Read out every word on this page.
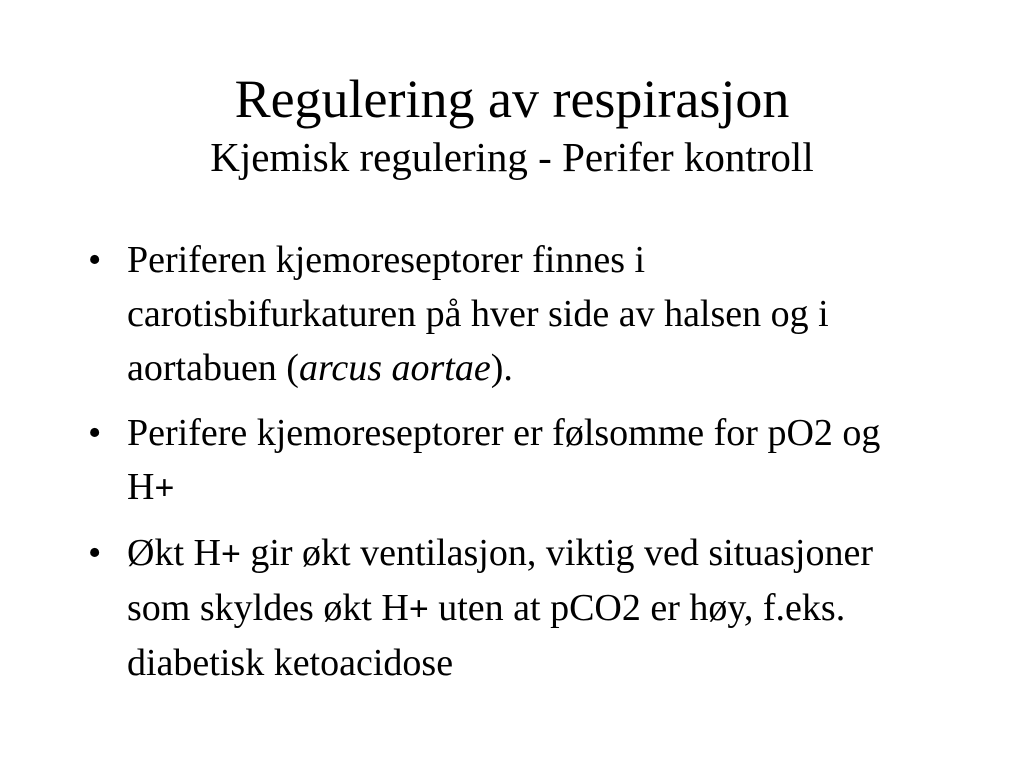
Regulering av respirasjon
Kjemisk regulering - Perifer kontroll
• Periferen kjemoreseptorer finnes i carotisbifurkaturen på hver side av halsen og i aortabuen (arcus aortae).
• Perifere kjemoreseptorer er følsomme for pO2 og H+
• Økt H+ gir økt ventilasjon, viktig ved situasjoner som skyldes økt H+ uten at pCO2 er høy, f.eks. diabetisk ketoacidose
